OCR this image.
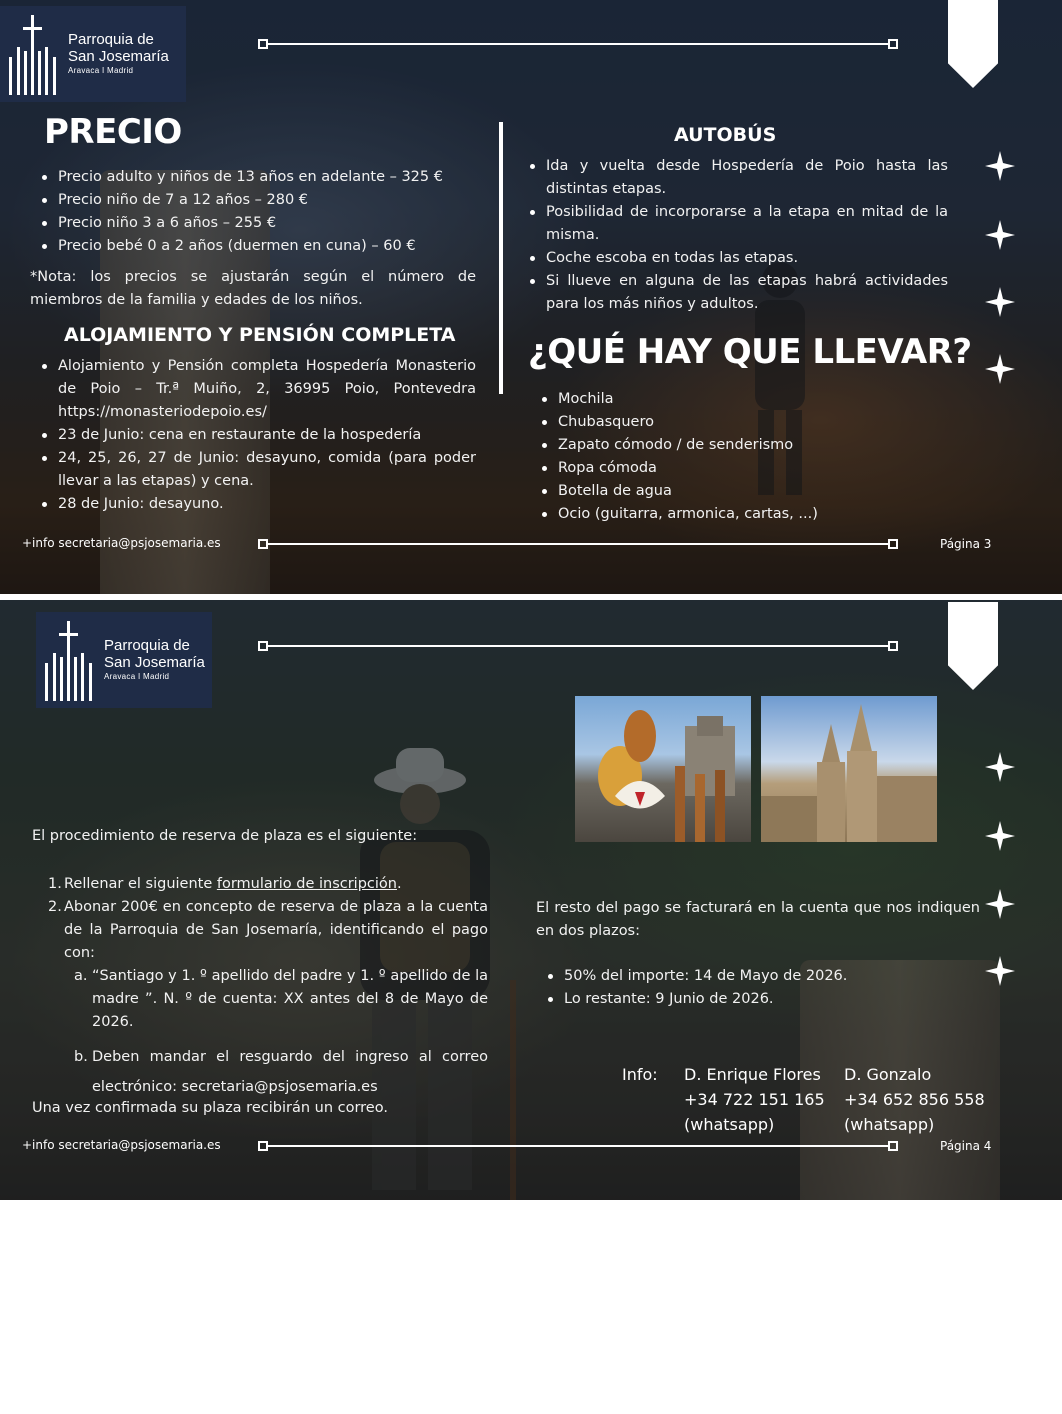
Parroquia de
San Josemaría
Aravaca I Madrid
PRECIO
Precio adulto y niños de 13 años en adelante – 325 €
Precio niño de 7 a 12 años – 280 €
Precio niño 3 a 6 años – 255 €
Precio bebé 0 a 2 años (duermen en cuna) – 60 €
*Nota: los precios se ajustarán según el número de miembros de la familia y edades de los niños.
ALOJAMIENTO Y PENSIÓN COMPLETA
Alojamiento y Pensión completa Hospedería Monasterio de Poio – Tr.ª Muiño, 2, 36995 Poio, Pontevedra https://monasteriodepoio.es/
23 de Junio: cena en restaurante de la hospedería
24, 25, 26, 27 de Junio: desayuno, comida (para poder llevar a las etapas) y cena.
28 de Junio: desayuno.
AUTOBÚS
Ida y vuelta desde Hospedería de Poio hasta las distintas etapas.
Posibilidad de incorporarse a la etapa en mitad de la misma.
Coche escoba en todas las etapas.
Si llueve en alguna de las etapas habrá actividades para los más niños y adultos.
¿QUÉ HAY QUE LLEVAR?
Mochila
Chubasquero
Zapato cómodo / de senderismo
Ropa cómoda
Botella de agua
Ocio (guitarra, armonica, cartas, ...)
+info secretaria@psjosemaria.es	Página 3
Parroquia de
San Josemaría
Aravaca I Madrid
INSCRIPCIÓN Y RESERVA DE PLAZA
El procedimiento de reserva de plaza es el siguiente:
1. Rellenar el siguiente formulario de inscripción.
2. Abonar 200€ en concepto de reserva de plaza a la cuenta de la Parroquia de San Josemaría, identificando el pago con:
a. “Santiago y 1. º apellido del padre y 1. º apellido de la madre ”. N. º de cuenta: XX antes del 8 de Mayo de 2026.
b. Deben mandar el resguardo del ingreso al correo electrónico: secretaria@psjosemaria.es
Una vez confirmada su plaza recibirán un correo.
El resto del pago se facturará en la cuenta que nos indiquen en dos plazos:
50% del importe: 14 de Mayo de 2026.
Lo restante: 9 Junio de 2026.
Info: D. Enrique Flores
+34 722 151 165
(whatsapp)
D. Gonzalo
+34 652 856 558
(whatsapp)
+info secretaria@psjosemaria.es	Página 4
